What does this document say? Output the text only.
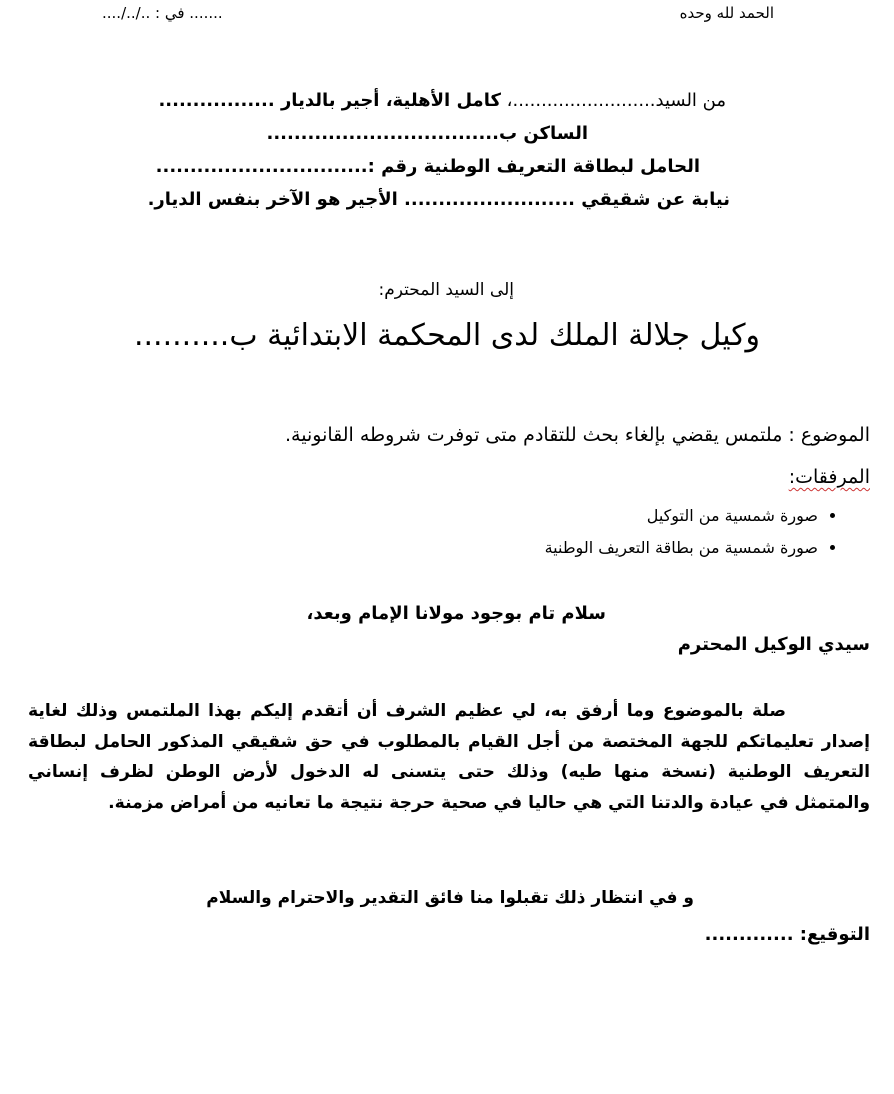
الحمد لله وحده
....... في : ../../....
من السيد.........................، كامل الأهلية، أجير بالديار .................
الساكن ب..................................
الحامل لبطاقة التعريف الوطنية رقم :...............................
نيابة عن شقيقي ......................... الأجير هو الآخر بنفس الديار.
إلى السيد المحترم:
وكيل جلالة الملك لدى المحكمة الابتدائية ب..........
الموضوع : ملتمس يقضي بإلغاء بحث للتقادم متى توفرت شروطه القانونية.
المرفقات:
• صورة شمسية من التوكيل
• صورة شمسية من بطاقة التعريف الوطنية
سلام تام بوجود مولانا الإمام وبعد،
سيدي الوكيل المحترم
صلة بالموضوع وما أرفق به، لي عظيم الشرف أن أتقدم إليكم بهذا الملتمس وذلك لغاية إصدار تعليماتكم للجهة المختصة من أجل القيام بالمطلوب في حق شقيقي المذكور الحامل لبطاقة التعريف الوطنية (نسخة منها طيه) وذلك حتى يتسنى له الدخول لأرض الوطن لظرف إنساني والمتمثل في عيادة والدتنا التي هي حاليا في صحية حرجة نتيجة ما تعانيه من أمراض مزمنة.
و في انتظار ذلك تقبلوا منا فائق التقدير والاحترام والسلام
التوقيع: .............
